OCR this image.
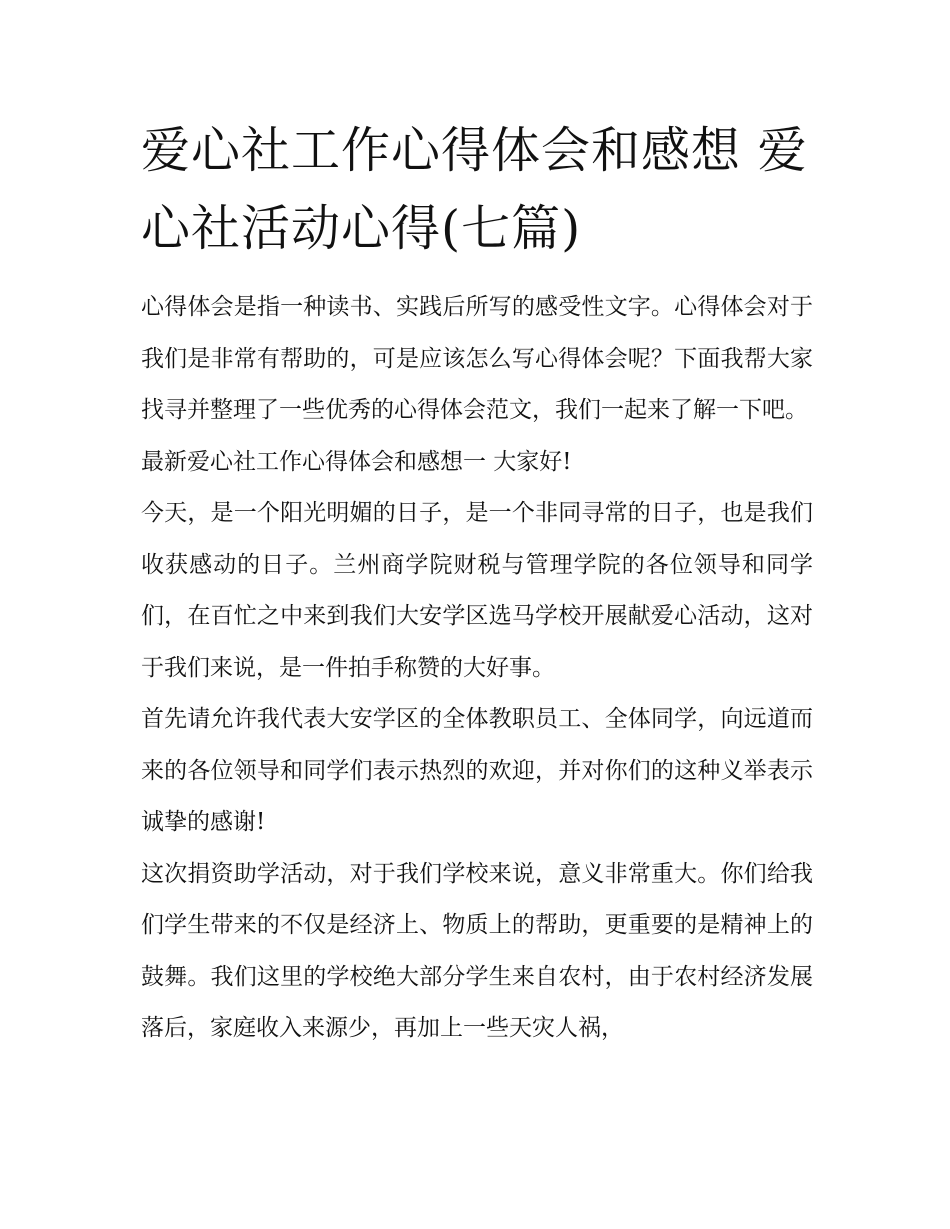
爱心社工作心得体会和感想 爱心社活动心得(七篇)

心得体会是指一种读书、实践后所写的感受性文字。心得体会对于我们是非常有帮助的，可是应该怎么写心得体会呢？下面我帮大家找寻并整理了一些优秀的心得体会范文，我们一起来了解一下吧。

最新爱心社工作心得体会和感想一 大家好!

今天，是一个阳光明媚的日子，是一个非同寻常的日子，也是我们收获感动的日子。兰州商学院财税与管理学院的各位领导和同学们，在百忙之中来到我们大安学区选马学校开展献爱心活动，这对于我们来说，是一件拍手称赞的大好事。

首先请允许我代表大安学区的全体教职员工、全体同学，向远道而来的各位领导和同学们表示热烈的欢迎，并对你们的这种义举表示诚挚的感谢!

这次捐资助学活动，对于我们学校来说，意义非常重大。你们给我们学生带来的不仅是经济上、物质上的帮助，更重要的是精神上的鼓舞。我们这里的学校绝大部分学生来自农村，由于农村经济发展落后，家庭收入来源少，再加上一些天灾人祸，
